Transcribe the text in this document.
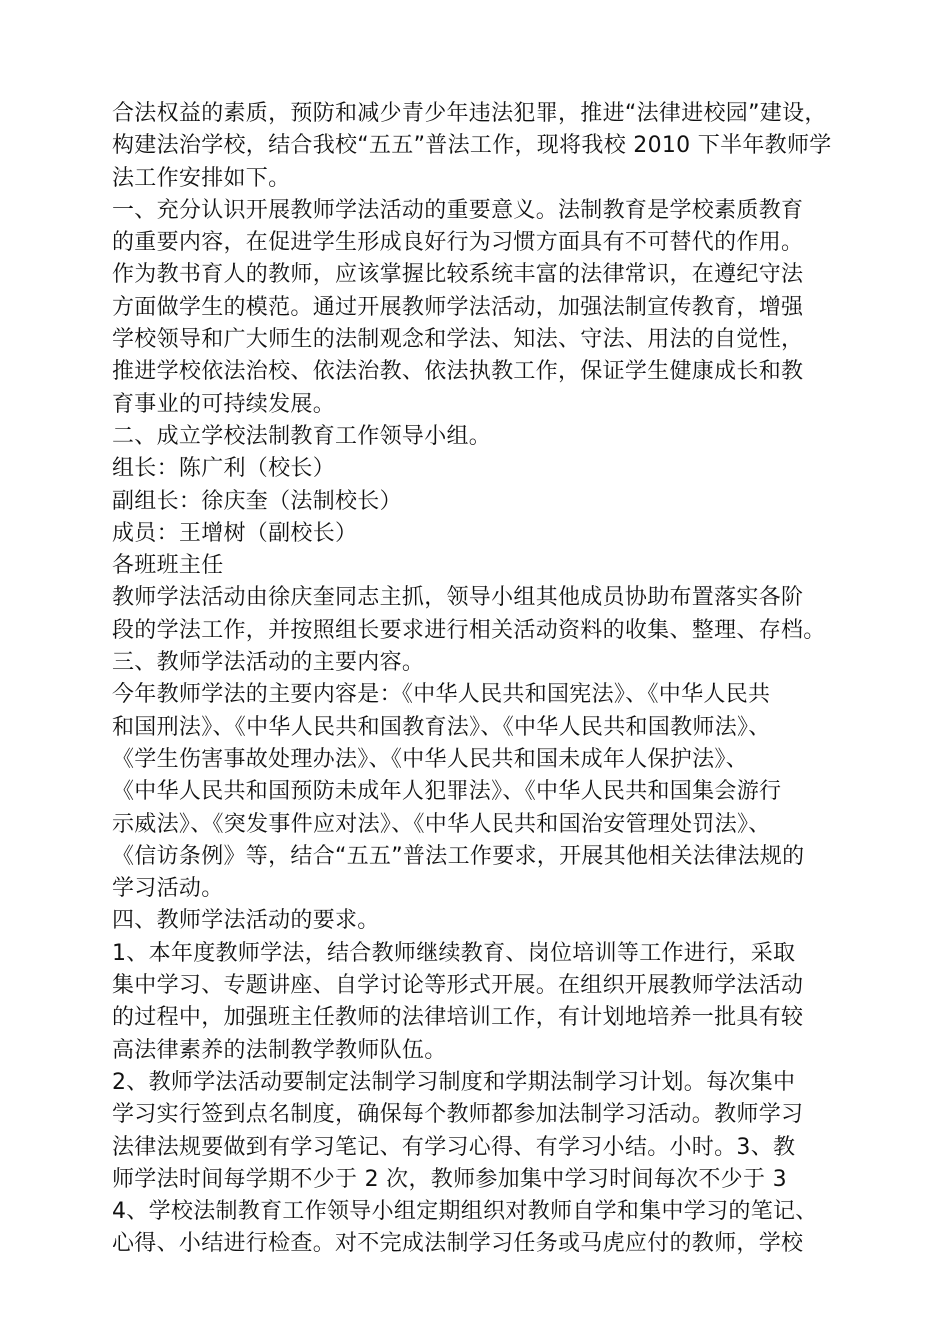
合法权益的素质，预防和减少青少年违法犯罪，推进“法律进校园”建设，
构建法治学校，结合我校“五五”普法工作，现将我校 2010 下半年教师学
法工作安排如下。
一、充分认识开展教师学法活动的重要意义。法制教育是学校素质教育
的重要内容，在促进学生形成良好行为习惯方面具有不可替代的作用。
作为教书育人的教师，应该掌握比较系统丰富的法律常识，在遵纪守法
方面做学生的模范。通过开展教师学法活动，加强法制宣传教育，增强
学校领导和广大师生的法制观念和学法、知法、守法、用法的自觉性，
推进学校依法治校、依法治教、依法执教工作，保证学生健康成长和教
育事业的可持续发展。
二、成立学校法制教育工作领导小组。
组长：陈广利（校长）
副组长：徐庆奎（法制校长）
成员：王增树（副校长）
各班班主任
教师学法活动由徐庆奎同志主抓，领导小组其他成员协助布置落实各阶
段的学法工作，并按照组长要求进行相关活动资料的收集、整理、存档。
三、教师学法活动的主要内容。
今年教师学法的主要内容是：《中华人民共和国宪法》、《中华人民共
和国刑法》、《中华人民共和国教育法》、《中华人民共和国教师法》、
《学生伤害事故处理办法》、《中华人民共和国未成年人保护法》、
《中华人民共和国预防未成年人犯罪法》、《中华人民共和国集会游行
示威法》、《突发事件应对法》、《中华人民共和国治安管理处罚法》、
《信访条例》等，结合“五五”普法工作要求，开展其他相关法律法规的
学习活动。
四、教师学法活动的要求。
1、本年度教师学法，结合教师继续教育、岗位培训等工作进行，采取
集中学习、专题讲座、自学讨论等形式开展。在组织开展教师学法活动
的过程中，加强班主任教师的法律培训工作，有计划地培养一批具有较
高法律素养的法制教学教师队伍。
2、教师学法活动要制定法制学习制度和学期法制学习计划。每次集中
学习实行签到点名制度，确保每个教师都参加法制学习活动。教师学习
法律法规要做到有学习笔记、有学习心得、有学习小结。小时。3、教
师学法时间每学期不少于 2 次，教师参加集中学习时间每次不少于 3
4、学校法制教育工作领导小组定期组织对教师自学和集中学习的笔记、
心得、小结进行检查。对不完成法制学习任务或马虎应付的教师，学校
